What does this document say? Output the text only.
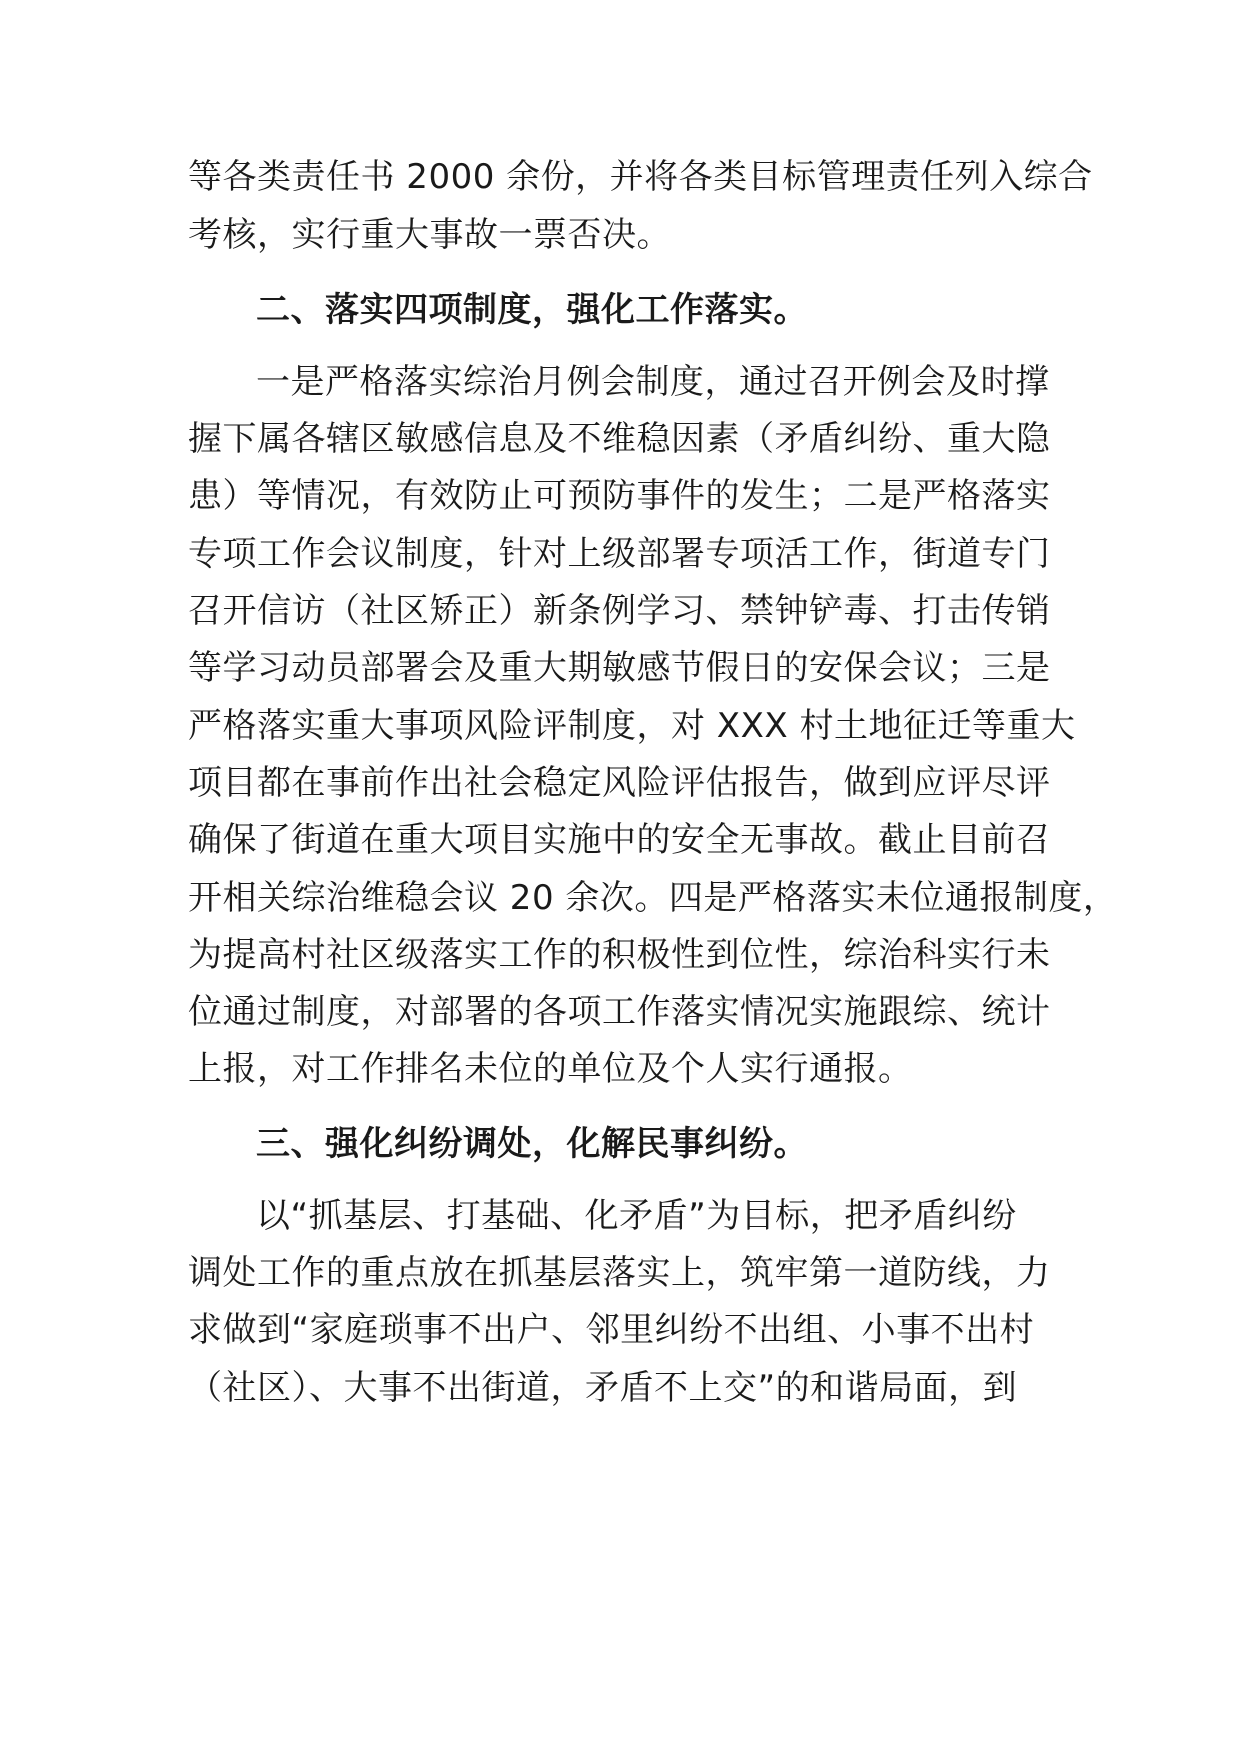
等各类责任书 2000 余份，并将各类目标管理责任列入综合
考核，实行重大事故一票否决。
二、落实四项制度，强化工作落实。
一是严格落实综治月例会制度，通过召开例会及时撑
握下属各辖区敏感信息及不维稳因素（矛盾纠纷、重大隐
患）等情况，有效防止可预防事件的发生；二是严格落实
专项工作会议制度，针对上级部署专项活工作，街道专门
召开信访（社区矫正）新条例学习、禁钟铲毒、打击传销
等学习动员部署会及重大期敏感节假日的安保会议；三是
严格落实重大事项风险评制度，对 XXX 村土地征迁等重大
项目都在事前作出社会稳定风险评估报告，做到应评尽评
确保了街道在重大项目实施中的安全无事故。截止目前召
开相关综治维稳会议 20 余次。四是严格落实未位通报制度，
为提高村社区级落实工作的积极性到位性，综治科实行未
位通过制度，对部署的各项工作落实情况实施跟综、统计
上报，对工作排名未位的单位及个人实行通报。
三、强化纠纷调处，化解民事纠纷。
以“抓基层、打基础、化矛盾”为目标，把矛盾纠纷
调处工作的重点放在抓基层落实上，筑牢第一道防线，力
求做到“家庭琐事不出户、邻里纠纷不出组、小事不出村
（社区）、大事不出街道，矛盾不上交”的和谐局面，到
